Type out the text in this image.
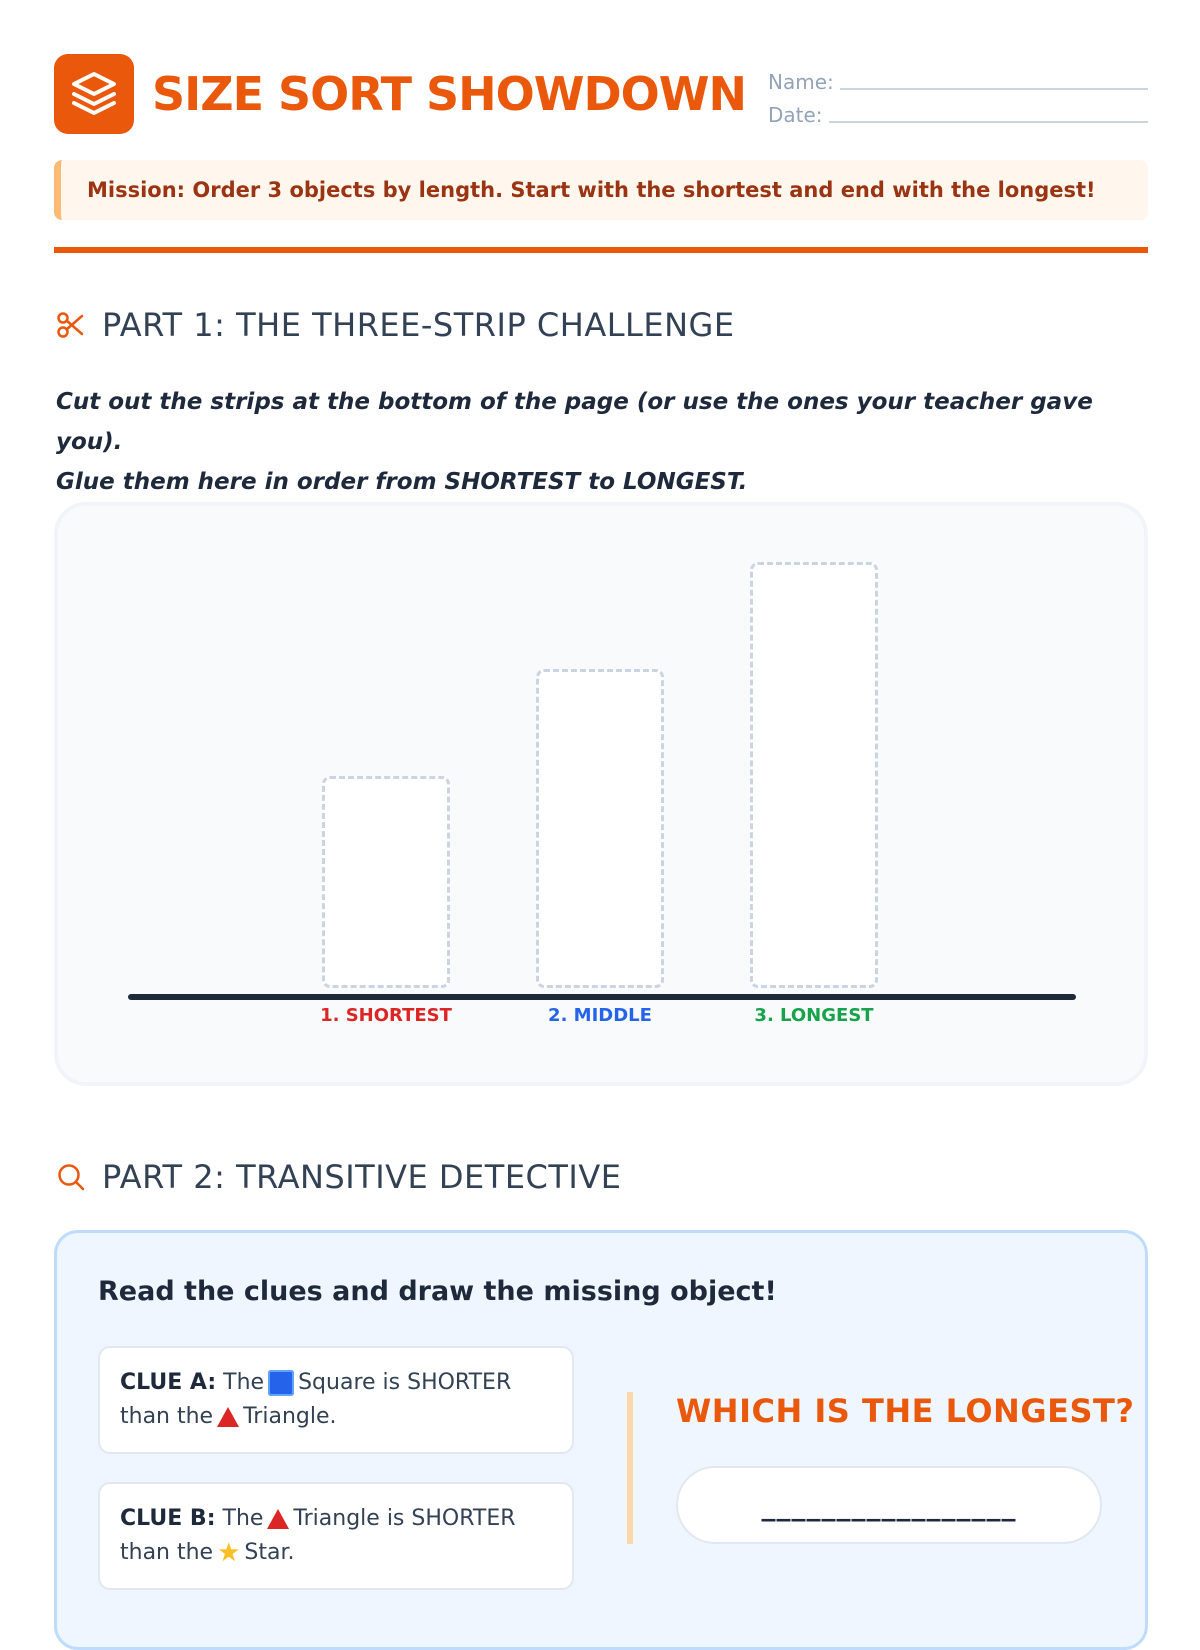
SIZE SORT SHOWDOWN Name:
Date:
Mission: Order 3 objects by length. Start with the shortest and end with the longest!
PART 1: THE THREE-STRIP CHALLENGE
Cut out the strips at the bottom of the page (or use the ones your teacher gave you).
Glue them here in order from SHORTEST to LONGEST.
1. SHORTEST	2. MIDDLE	3. LONGEST
PART 2: TRANSITIVE DETECTIVE
Read the clues and draw the missing object!
CLUE A: The Square is SHORTER
than the Triangle.
CLUE B: The Triangle is SHORTER
than the ★ Star.
WHICH IS THE LONGEST?
_________________
